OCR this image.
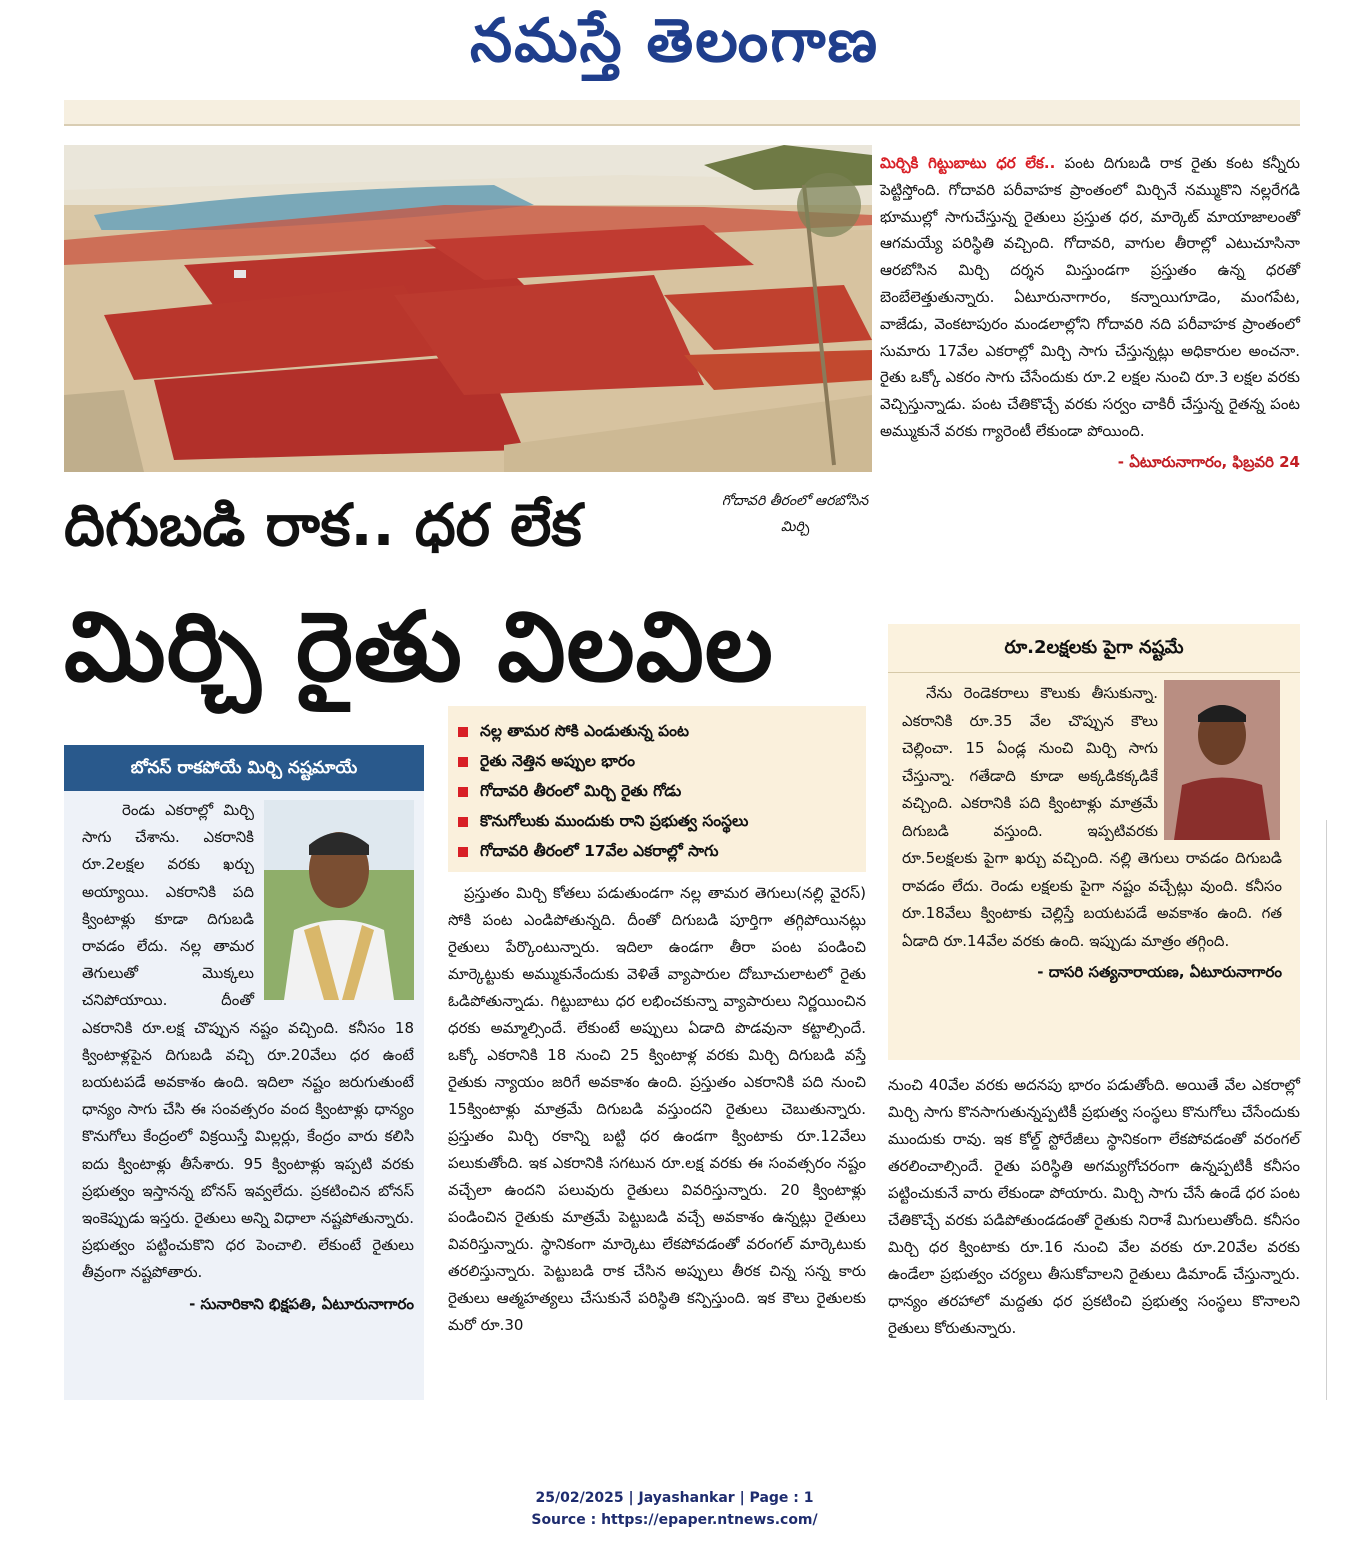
నమస్తే తెలంగాణ
గోదావరి తీరంలో ఆరబోసిన మిర్చి
దిగుబడి రాక.. ధర లేక
మిర్చి రైతు విలవిల

మిర్చికి గిట్టుబాటు ధర లేక.. పంట దిగుబడి రాక రైతు కంట కన్నీరు పెట్టిస్తోంది. గోదావరి పరీవాహక ప్రాంతంలో మిర్చినే నమ్ముకొని నల్లరేగడి భూముల్లో సాగుచేస్తున్న రైతులు ప్రస్తుత ధర, మార్కెట్ మాయాజాలంతో ఆగమయ్యే పరిస్థితి వచ్చింది. గోదావరి, వాగుల తీరాల్లో ఎటుచూసినా ఆరబోసిన మిర్చి దర్శన మిస్తుండగా ప్రస్తుతం ఉన్న ధరతో బెంబేలెత్తుతున్నారు. ఏటూరునాగారం, కన్నాయిగూడెం, మంగపేట, వాజేడు, వెంకటాపురం మండలాల్లోని గోదావరి నది పరీవాహక ప్రాంతంలో సుమారు 17వేల ఎకరాల్లో మిర్చి సాగు చేస్తున్నట్లు అధికారుల అంచనా. రైతు ఒక్కో ఎకరం సాగు చేసేందుకు రూ.2 లక్షల నుంచి రూ.3 లక్షల వరకు వెచ్చిస్తున్నాడు. పంట చేతికొచ్చే వరకు సర్వం చాకిరీ చేస్తున్న రైతన్న పంట అమ్ముకునే వరకు గ్యారెంటీ లేకుండా పోయింది.

- ఏటూరునాగారం, ఫిబ్రవరి 24

నల్ల తామర సోకి ఎండుతున్న పంట
రైతు నెత్తిన అప్పుల భారం
గోదావరి తీరంలో మిర్చి రైతు గోడు
కొనుగోలుకు ముందుకు రాని ప్రభుత్వ సంస్థలు
గోదావరి తీరంలో 17వేల ఎకరాల్లో సాగు
బోనస్ రాకపోయే మిర్చి నష్టమాయే

రెండు ఎకరాల్లో మిర్చి సాగు చేశాను. ఎకరానికి రూ.2లక్షల వరకు ఖర్చు అయ్యాయి. ఎకరానికి పది క్వింటాళ్లు కూడా దిగుబడి రావడం లేదు. నల్ల తామర తెగులుతో మొక్కలు చనిపోయాయి. దీంతో ఎకరానికి రూ.లక్ష చొప్పున నష్టం వచ్చింది. కనీసం 18 క్వింటాళ్లపైన దిగుబడి వచ్చి రూ.20వేలు ధర ఉంటే బయటపడే అవకాశం ఉంది. ఇదిలా నష్టం జరుగుతుంటే ధాన్యం సాగు చేసి ఈ సంవత్సరం వంద క్వింటాళ్లు ధాన్యం కొనుగోలు కేంద్రంలో విక్రయిస్తే మిల్లర్లు, కేంద్రం వారు కలిసి ఐదు క్వింటాళ్లు తీసేశారు. 95 క్వింటాళ్లు ఇప్పటి వరకు ప్రభుత్వం ఇస్తానన్న బోనస్ ఇవ్వలేదు. ప్రకటించిన బోనస్ ఇంకెప్పుడు ఇస్తరు. రైతులు అన్ని విధాలా నష్టపోతున్నారు. ప్రభుత్వం పట్టించుకొని ధర పెంచాలి. లేకుంటే రైతులు తీవ్రంగా నష్టపోతారు.

- సునారికాని భిక్షపతి, ఏటూరునాగారం

ప్రస్తుతం మిర్చి కోతలు పడుతుండగా నల్ల తామర తెగులు(నల్లి వైరస్) సోకి పంట ఎండిపోతున్నది. దీంతో దిగుబడి పూర్తిగా తగ్గిపోయినట్లు రైతులు పేర్కొంటున్నారు. ఇదిలా ఉండగా తీరా పంట పండించి మార్కెట్టుకు అమ్ముకునేందుకు వెళితే వ్యాపారుల దోబూచులాటలో రైతు ఓడిపోతున్నాడు. గిట్టుబాటు ధర లభించకున్నా వ్యాపారులు నిర్ణయించిన ధరకు అమ్మాల్సిందే. లేకుంటే అప్పులు ఏడాది పొడవునా కట్టాల్సిందే. ఒక్కో ఎకరానికి 18 నుంచి 25 క్వింటాళ్ల వరకు మిర్చి దిగుబడి వస్తే రైతుకు న్యాయం జరిగే అవకాశం ఉంది. ప్రస్తుతం ఎకరానికి పది నుంచి 15క్వింటాళ్లు మాత్రమే దిగుబడి వస్తుందని రైతులు చెబుతున్నారు. ప్రస్తుతం మిర్చి రకాన్ని బట్టి ధర ఉండగా క్వింటాకు రూ.12వేలు పలుకుతోంది. ఇక ఎకరానికి సగటున రూ.లక్ష వరకు ఈ సంవత్సరం నష్టం వచ్చేలా ఉందని పలువురు రైతులు వివరిస్తున్నారు. 20 క్వింటాళ్లు పండించిన రైతుకు మాత్రమే పెట్టుబడి వచ్చే అవకాశం ఉన్నట్లు రైతులు వివరిస్తున్నారు. స్థానికంగా మార్కెటు లేకపోవడంతో వరంగల్ మార్కెటుకు తరలిస్తున్నారు. పెట్టుబడి రాక చేసిన అప్పులు తీరక చిన్న సన్న కారు రైతులు ఆత్మహత్యలు చేసుకునే పరిస్థితి కన్పిస్తుంది. ఇక కౌలు రైతులకు మరో రూ.30

రూ.2లక్షలకు పైగా నష్టమే

నేను రెండెకరాలు కౌలుకు తీసుకున్నా. ఎకరానికి రూ.35 వేల చొప్పున కౌలు చెల్లించా. 15 ఏండ్ల నుంచి మిర్చి సాగు చేస్తున్నా. గతేడాది కూడా అక్కడికక్కడికే వచ్చింది. ఎకరానికి పది క్వింటాళ్లు మాత్రమే దిగుబడి వస్తుంది. ఇప్పటివరకు రూ.5లక్షలకు పైగా ఖర్చు వచ్చింది. నల్లి తెగులు రావడం దిగుబడి రావడం లేదు. రెండు లక్షలకు పైగా నష్టం వచ్చేట్లు వుంది. కనీసం రూ.18వేలు క్వింటాకు చెల్లిస్తే బయటపడే అవకాశం ఉంది. గత ఏడాది రూ.14వేల వరకు ఉంది. ఇప్పుడు మాత్రం తగ్గింది.

- దాసరి సత్యనారాయణ, ఏటూరునాగారం

నుంచి 40వేల వరకు అదనపు భారం పడుతోంది. అయితే వేల ఎకరాల్లో మిర్చి సాగు కొనసాగుతున్నప్పటికీ ప్రభుత్వ సంస్థలు కొనుగోలు చేసేందుకు ముందుకు రావు. ఇక కోల్డ్ స్టోరేజీలు స్థానికంగా లేకపోవడంతో వరంగల్ తరలించాల్సిందే. రైతు పరిస్థితి అగమ్యగోచరంగా ఉన్నప్పటికీ కనీసం పట్టించుకునే వారు లేకుండా పోయారు. మిర్చి సాగు చేసే ఉండే ధర పంట చేతికొచ్చే వరకు పడిపోతుండడంతో రైతుకు నిరాశే మిగులుతోంది. కనీసం మిర్చి ధర క్వింటాకు రూ.16 నుంచి వేల వరకు రూ.20వేల వరకు ఉండేలా ప్రభుత్వం చర్యలు తీసుకోవాలని రైతులు డిమాండ్ చేస్తున్నారు. ధాన్యం తరహాలో మద్దతు ధర ప్రకటించి ప్రభుత్వ సంస్థలు కొనాలని రైతులు కోరుతున్నారు.

25/02/2025 | Jayashankar | Page : 1
Source : https://epaper.ntnews.com/
